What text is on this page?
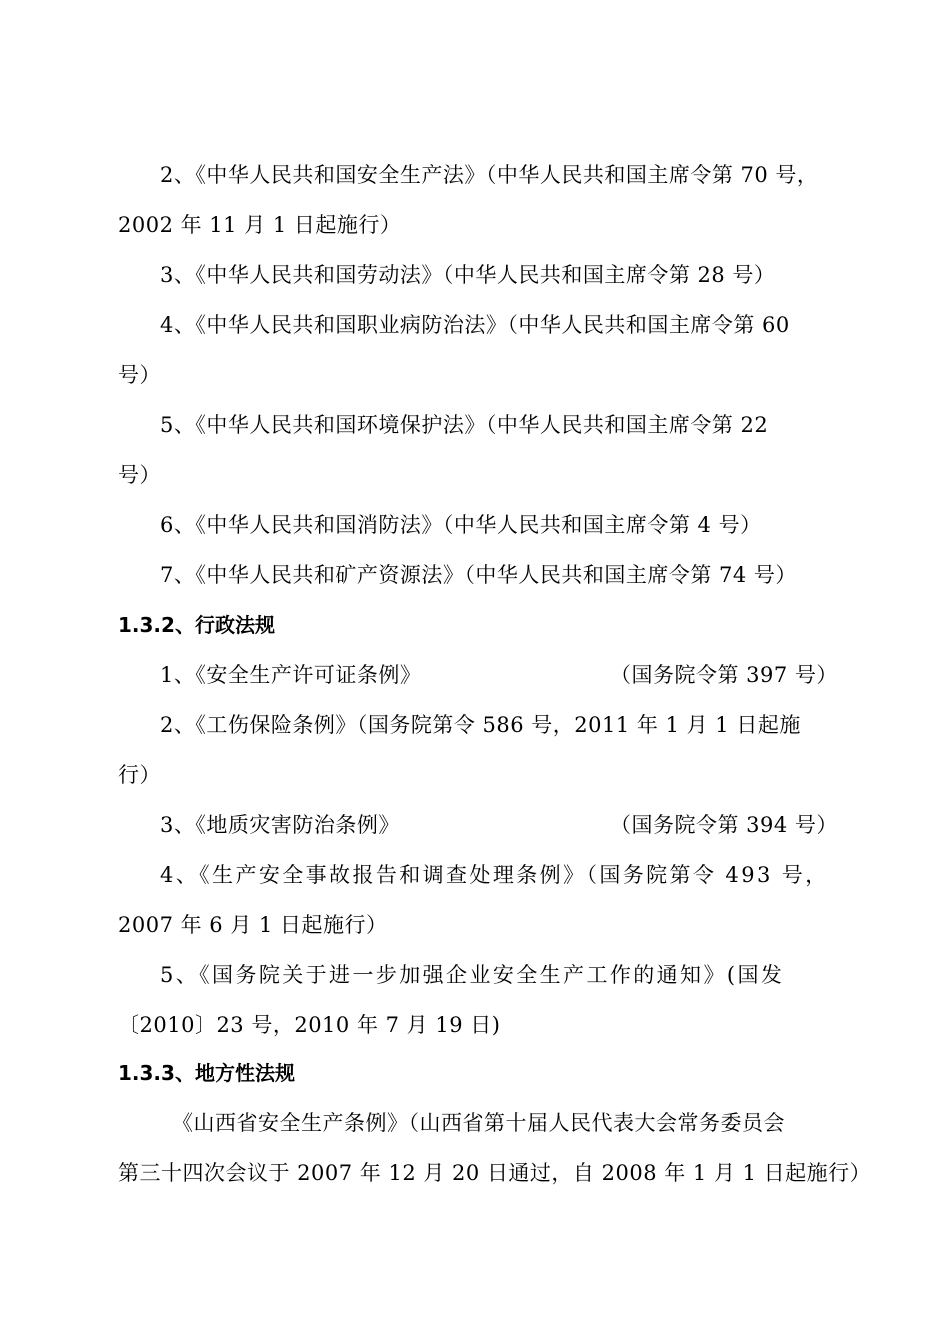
2、《中华人民共和国安全生产法》（中华人民共和国主席令第 70 号，
2002 年 11 月 1 日起施行）
3、《中华人民共和国劳动法》（中华人民共和国主席令第 28 号）
4、《中华人民共和国职业病防治法》（中华人民共和国主席令第 60
号）
5、《中华人民共和国环境保护法》（中华人民共和国主席令第 22
号）
6、《中华人民共和国消防法》（中华人民共和国主席令第 4 号）
7、《中华人民共和矿产资源法》（中华人民共和国主席令第 74 号）
1.3.2、行政法规
1、《安全生产许可证条例》	（国务院令第 397 号）
2、《工伤保险条例》（国务院第令 586 号，2011 年 1 月 1 日起施
行）
3、《地质灾害防治条例》	（国务院令第 394 号）
4、《生产安全事故报告和调查处理条例》（国务院第令 493 号，
2007 年 6 月 1 日起施行）
5、《国务院关于进一步加强企业安全生产工作的通知》(国发
〔2010〕23 号，2010 年 7 月 19 日)
1.3.3、地方性法规
《山西省安全生产条例》（山西省第十届人民代表大会常务委员会
第三十四次会议于 2007 年 12 月 20 日通过，自 2008 年 1 月 1 日起施行）
